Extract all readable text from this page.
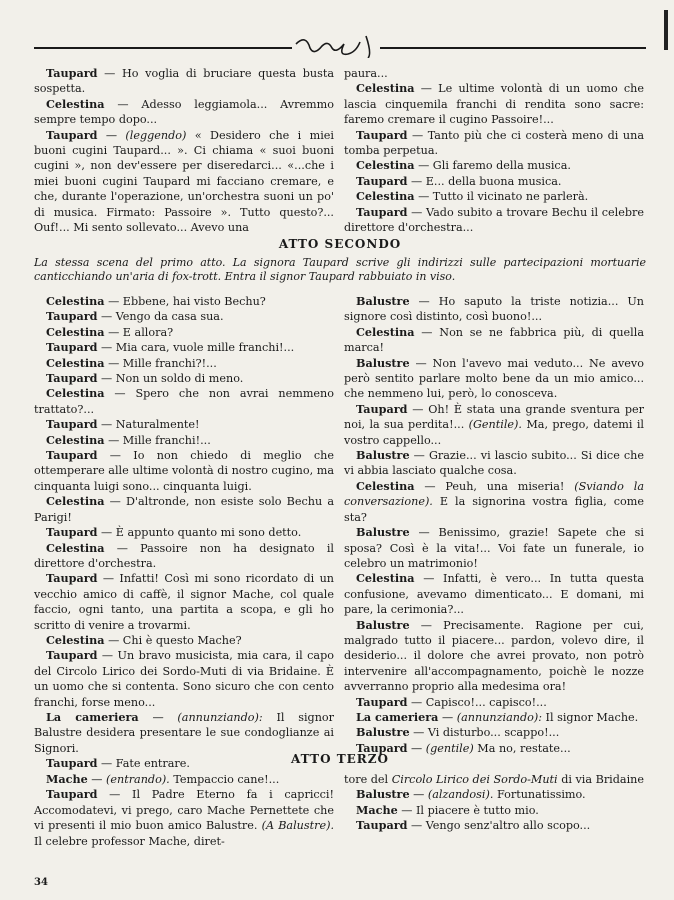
Taupard — Ho voglia di bruciare questa busta sospetta.

Celestina — Adesso leggiamola... Avremmo sempre tempo dopo...

Taupard — (leggendo) « Desidero che i miei buoni cugini Taupard... ». Ci chiama « suoi buoni cugini », non dev'essere per diseredarci... «...che i miei buoni cugini Taupard mi facciano cremare, e che, durante l'operazione, un'orchestra suoni un po' di musica. Firmato: Passoire ». Tutto questo?... Ouf!... Mi sento sollevato... Avevo una

paura...

Celestina — Le ultime volontà di un uomo che lascia cinquemila franchi di rendita sono sacre: faremo cremare il cugino Passoire!...

Taupard — Tanto più che ci costerà meno di una tomba perpetua.

Celestina — Gli faremo della musica.

Taupard — E... della buona musica.

Celestina — Tutto il vicinato ne parlerà.

Taupard — Vado subito a trovare Bechu il celebre direttore d'orchestra...

ATTO SECONDO
La stessa scena del primo atto. La signora Taupard scrive gli indirizzi sulle partecipazioni mortuarie canticchiando un'aria di fox-trott. Entra il signor Taupard rabbuiato in viso.

Celestina — Ebbene, hai visto Bechu?

Taupard — Vengo da casa sua.

Celestina — E allora?

Taupard — Mia cara, vuole mille franchi!...

Celestina — Mille franchi?!...

Taupard — Non un soldo di meno.

Celestina — Spero che non avrai nemmeno trattato?...

Taupard — Naturalmente!

Celestina — Mille franchi!...

Taupard — Io non chiedo di meglio che ottemperare alle ultime volontà di nostro cugino, ma cinquanta luigi sono... cinquanta luigi.

Celestina — D'altronde, non esiste solo Bechu a Parigi!

Taupard — È appunto quanto mi sono detto.

Celestina — Passoire non ha designato il direttore d'orchestra.

Taupard — Infatti! Così mi sono ricordato di un vecchio amico di caffè, il signor Mache, col quale faccio, ogni tanto, una partita a scopa, e gli ho scritto di venire a trovarmi.

Celestina — Chi è questo Mache?

Taupard — Un bravo musicista, mia cara, il capo del Circolo Lirico dei Sordo-Muti di via Bridaine. È un uomo che si contenta. Sono sicuro che con cento franchi, forse meno...

La cameriera — (annunziando): Il signor Balustre desidera presentare le sue condoglianze ai Signori.

Taupard — Fate entrare.

Balustre — Ho saputo la triste notizia... Un signore così distinto, così buono!...

Celestina — Non se ne fabbrica più, di quella marca!

Balustre — Non l'avevo mai veduto... Ne avevo però sentito parlare molto bene da un mio amico... che nemmeno lui, però, lo conosceva.

Taupard — Oh! È stata una grande sventura per noi, la sua perdita!... (Gentile). Ma, prego, datemi il vostro cappello...

Balustre — Grazie... vi lascio subito... Si dice che vi abbia lasciato qualche cosa.

Celestina — Peuh, una miseria! (Sviando la conversazione). E la signorina vostra figlia, come sta?

Balustre — Benissimo, grazie! Sapete che si sposa? Così è la vita!... Voi fate un funerale, io celebro un matrimonio!

Celestina — Infatti, è vero... In tutta questa confusione, avevamo dimenticato... E domani, mi pare, la cerimonia?...

Balustre — Precisamente. Ragione per cui, malgrado tutto il piacere... pardon, volevo dire, il desiderio... il dolore che avrei provato, non potrò intervenire all'accompagnamento, poichè le nozze avverranno proprio alla medesima ora!

Taupard — Capisco!... capisco!...

La cameriera — (annunziando): Il signor Mache.

Balustre — Vi disturbo... scappo!...

Taupard — (gentile) Ma no, restate...

ATTO TERZO

Mache — (entrando). Tempaccio cane!...

Taupard — Il Padre Eterno fa i capricci! Accomodatevi, vi prego, caro Mache Pernettete che vi presenti il mio buon amico Balustre. (A Balustre). Il celebre professor Mache, diret-

tore del Circolo Lirico dei Sordo-Muti di via Bridaine

Balustre — (alzandosi). Fortunatissimo.

Mache — Il piacere è tutto mio.

Taupard — Vengo senz'altro allo scopo...

34
